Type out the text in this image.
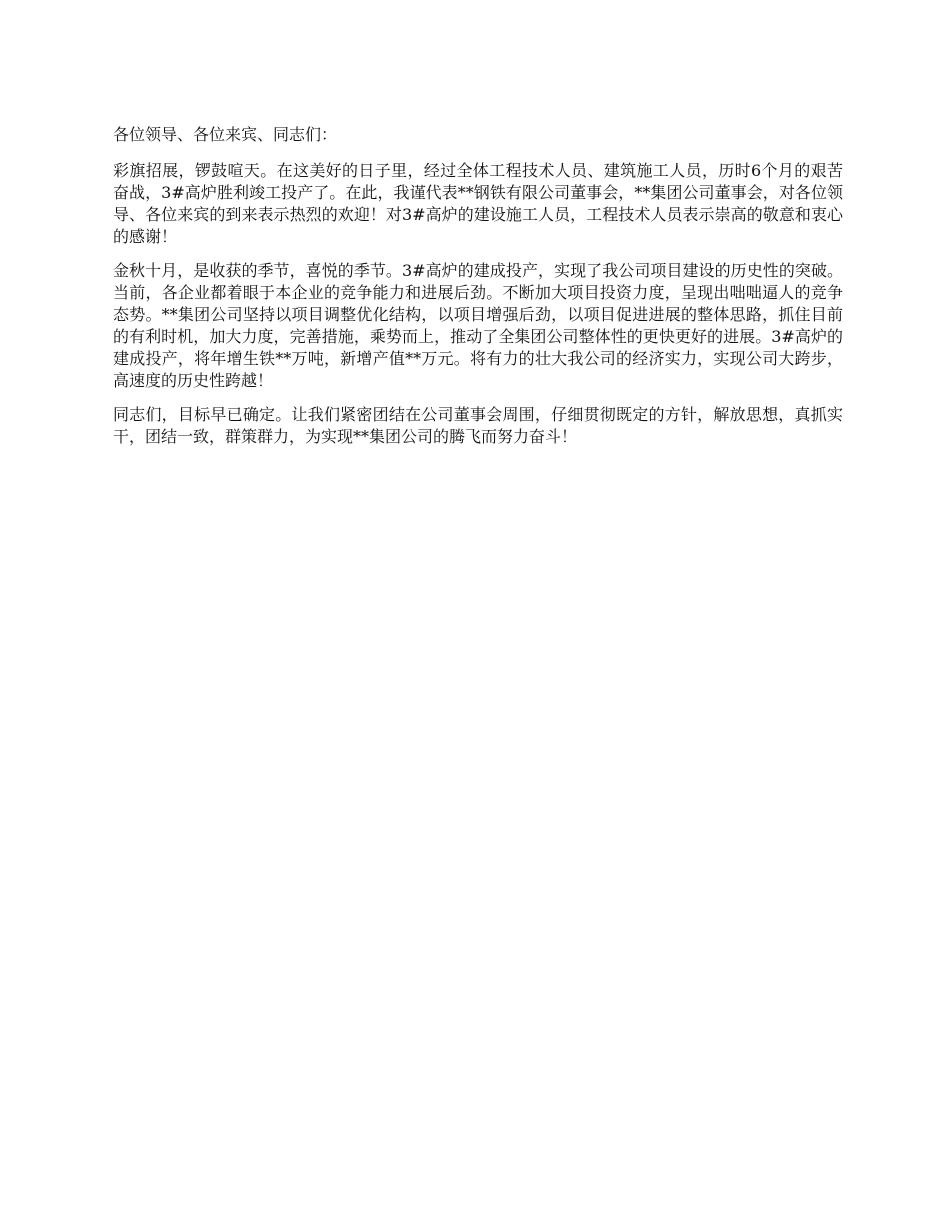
各位领导、各位来宾、同志们：

彩旗招展，锣鼓喧天。在这美好的日子里，经过全体工程技术人员、建筑施工人员，历时6个月的艰苦奋战，3#高炉胜利竣工投产了。在此，我谨代表**钢铁有限公司董事会，**集团公司董事会，对各位领导、各位来宾的到来表示热烈的欢迎！对3#高炉的建设施工人员，工程技术人员表示崇高的敬意和衷心的感谢！

金秋十月，是收获的季节，喜悦的季节。3#高炉的建成投产，实现了我公司项目建设的历史性的突破。当前，各企业都着眼于本企业的竞争能力和进展后劲。不断加大项目投资力度，呈现出咄咄逼人的竞争态势。**集团公司坚持以项目调整优化结构，以项目增强后劲，以项目促进进展的整体思路，抓住目前的有利时机，加大力度，完善措施，乘势而上，推动了全集团公司整体性的更快更好的进展。3#高炉的建成投产，将年增生铁**万吨，新增产值**万元。将有力的壮大我公司的经济实力，实现公司大跨步，高速度的历史性跨越！

同志们，目标早已确定。让我们紧密团结在公司董事会周围，仔细贯彻既定的方针，解放思想，真抓实干，团结一致，群策群力，为实现**集团公司的腾飞而努力奋斗！
